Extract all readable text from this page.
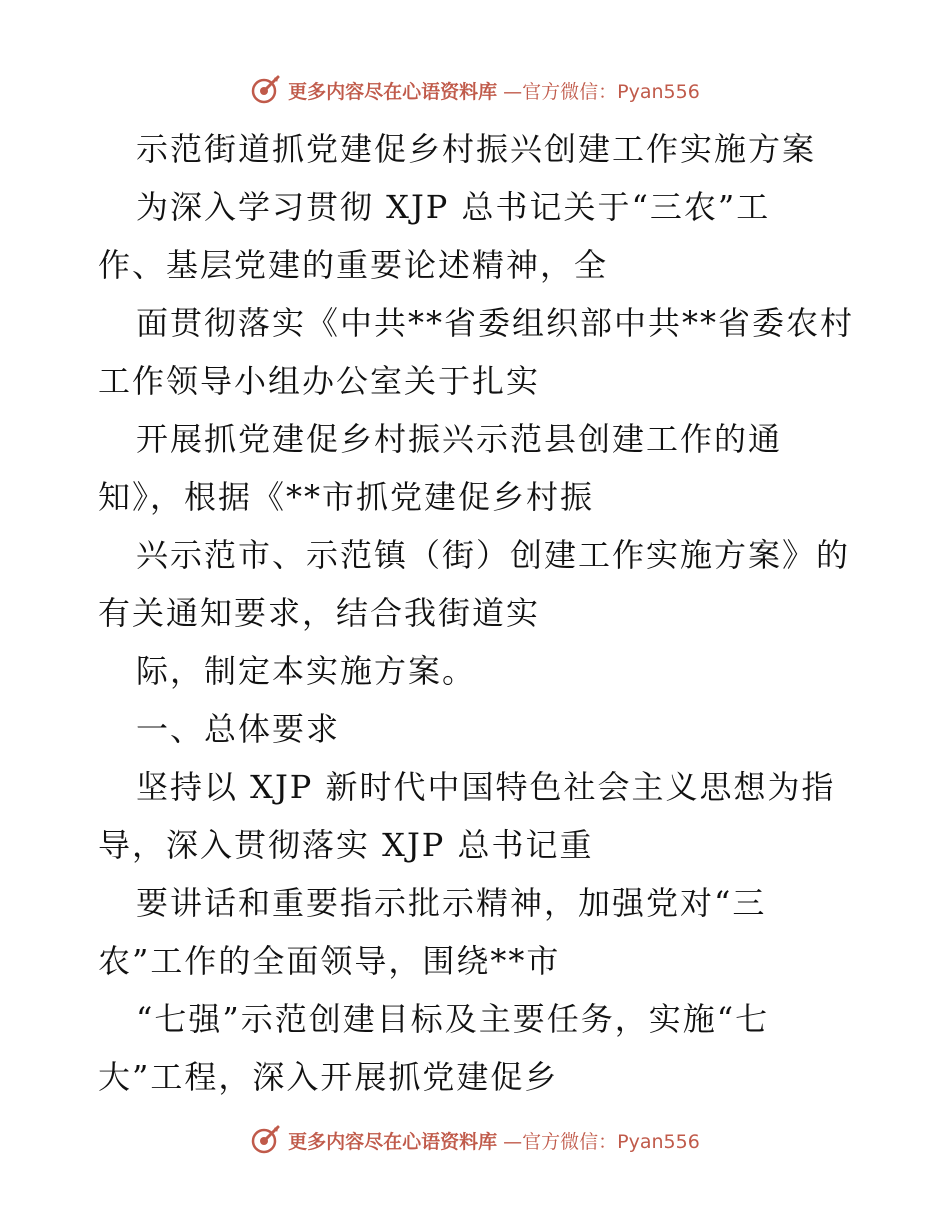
更多内容尽在心语资料库 —官方微信：Pyan556
示范街道抓党建促乡村振兴创建工作实施方案
为深入学习贯彻 XJP 总书记关于“三农”工
作、基层党建的重要论述精神，全
面贯彻落实《中共**省委组织部中共**省委农村
工作领导小组办公室关于扎实
开展抓党建促乡村振兴示范县创建工作的通
知》，根据《**市抓党建促乡村振
兴示范市、示范镇（街）创建工作实施方案》的
有关通知要求，结合我街道实
际，制定本实施方案。
一、总体要求
坚持以 XJP 新时代中国特色社会主义思想为指
导，深入贯彻落实 XJP 总书记重
要讲话和重要指示批示精神，加强党对“三
农”工作的全面领导，围绕**市
“七强”示范创建目标及主要任务，实施“七
大”工程，深入开展抓党建促乡
更多内容尽在心语资料库 —官方微信：Pyan556
